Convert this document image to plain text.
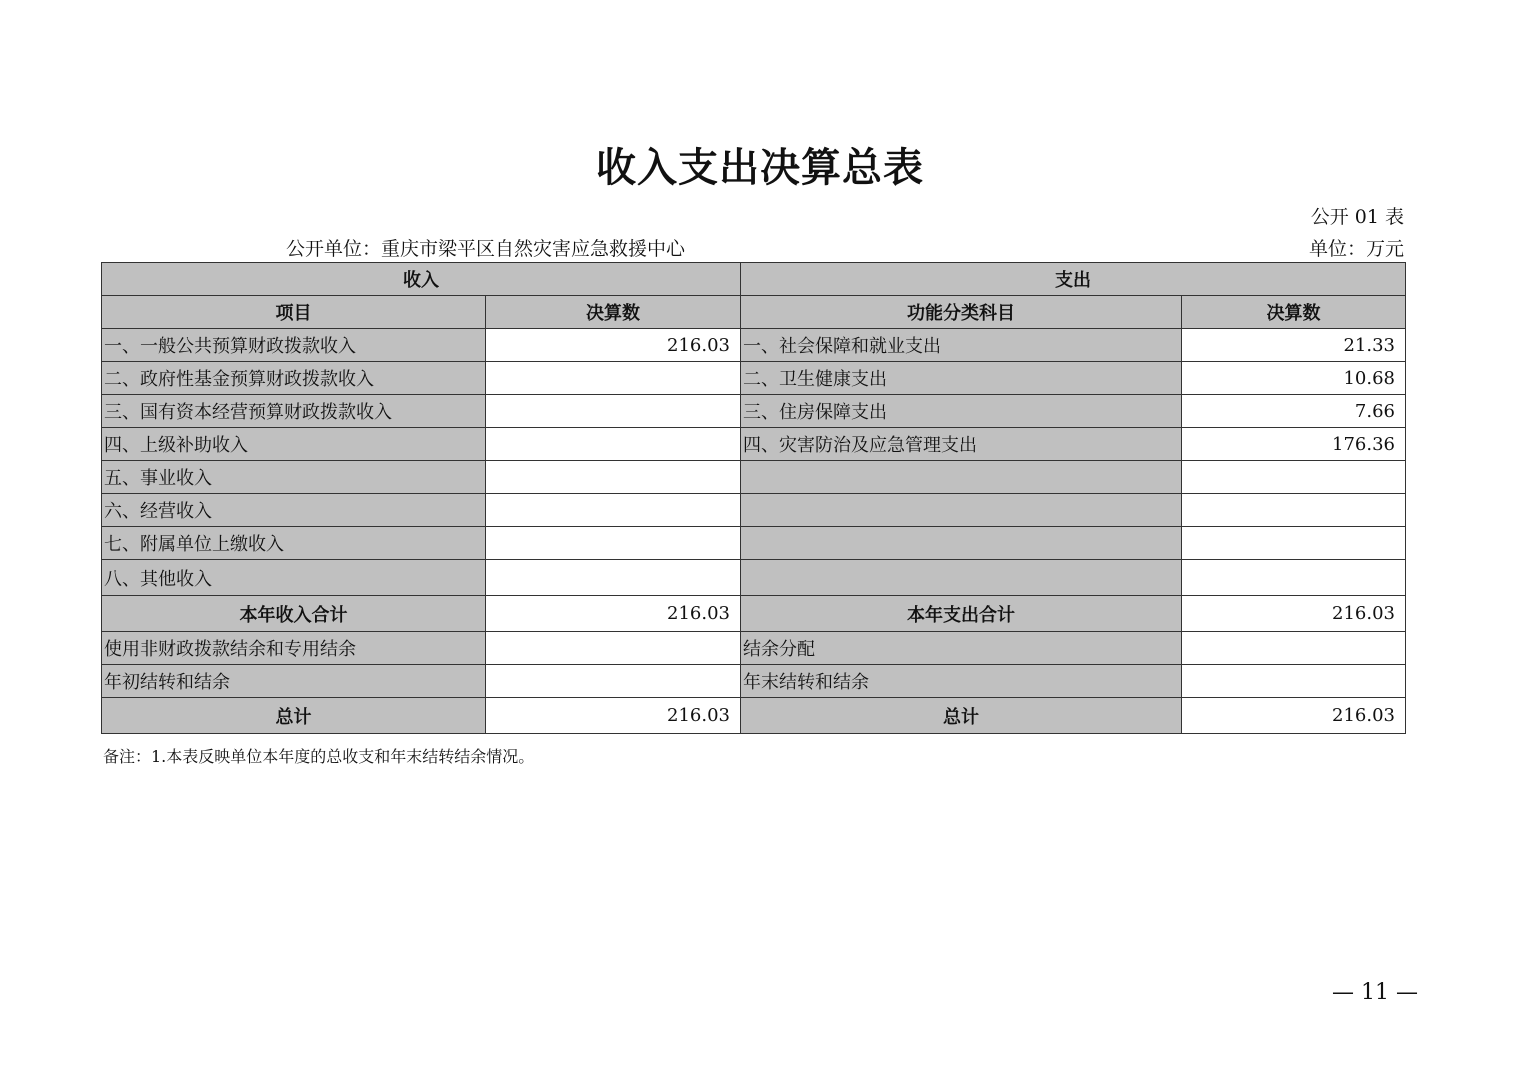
收入支出决算总表
公开 01 表
公开单位：重庆市梁平区自然灾害应急救援中心	单位：万元
收入		支出	
项目	决算数	功能分类科目	决算数
一、一般公共预算财政拨款收入	216.03	一、社会保障和就业支出	21.33
二、政府性基金预算财政拨款收入		二、卫生健康支出	10.68
三、国有资本经营预算财政拨款收入		三、住房保障支出	7.66
四、上级补助收入		四、灾害防治及应急管理支出	176.36
五、事业收入			
六、经营收入			
七、附属单位上缴收入			
八、其他收入			
本年收入合计	216.03	本年支出合计	216.03
使用非财政拨款结余和专用结余		结余分配	
年初结转和结余		年末结转和结余	
总计	216.03	总计	216.03
备注：1.本表反映单位本年度的总收支和年末结转结余情况。
— 11 —
